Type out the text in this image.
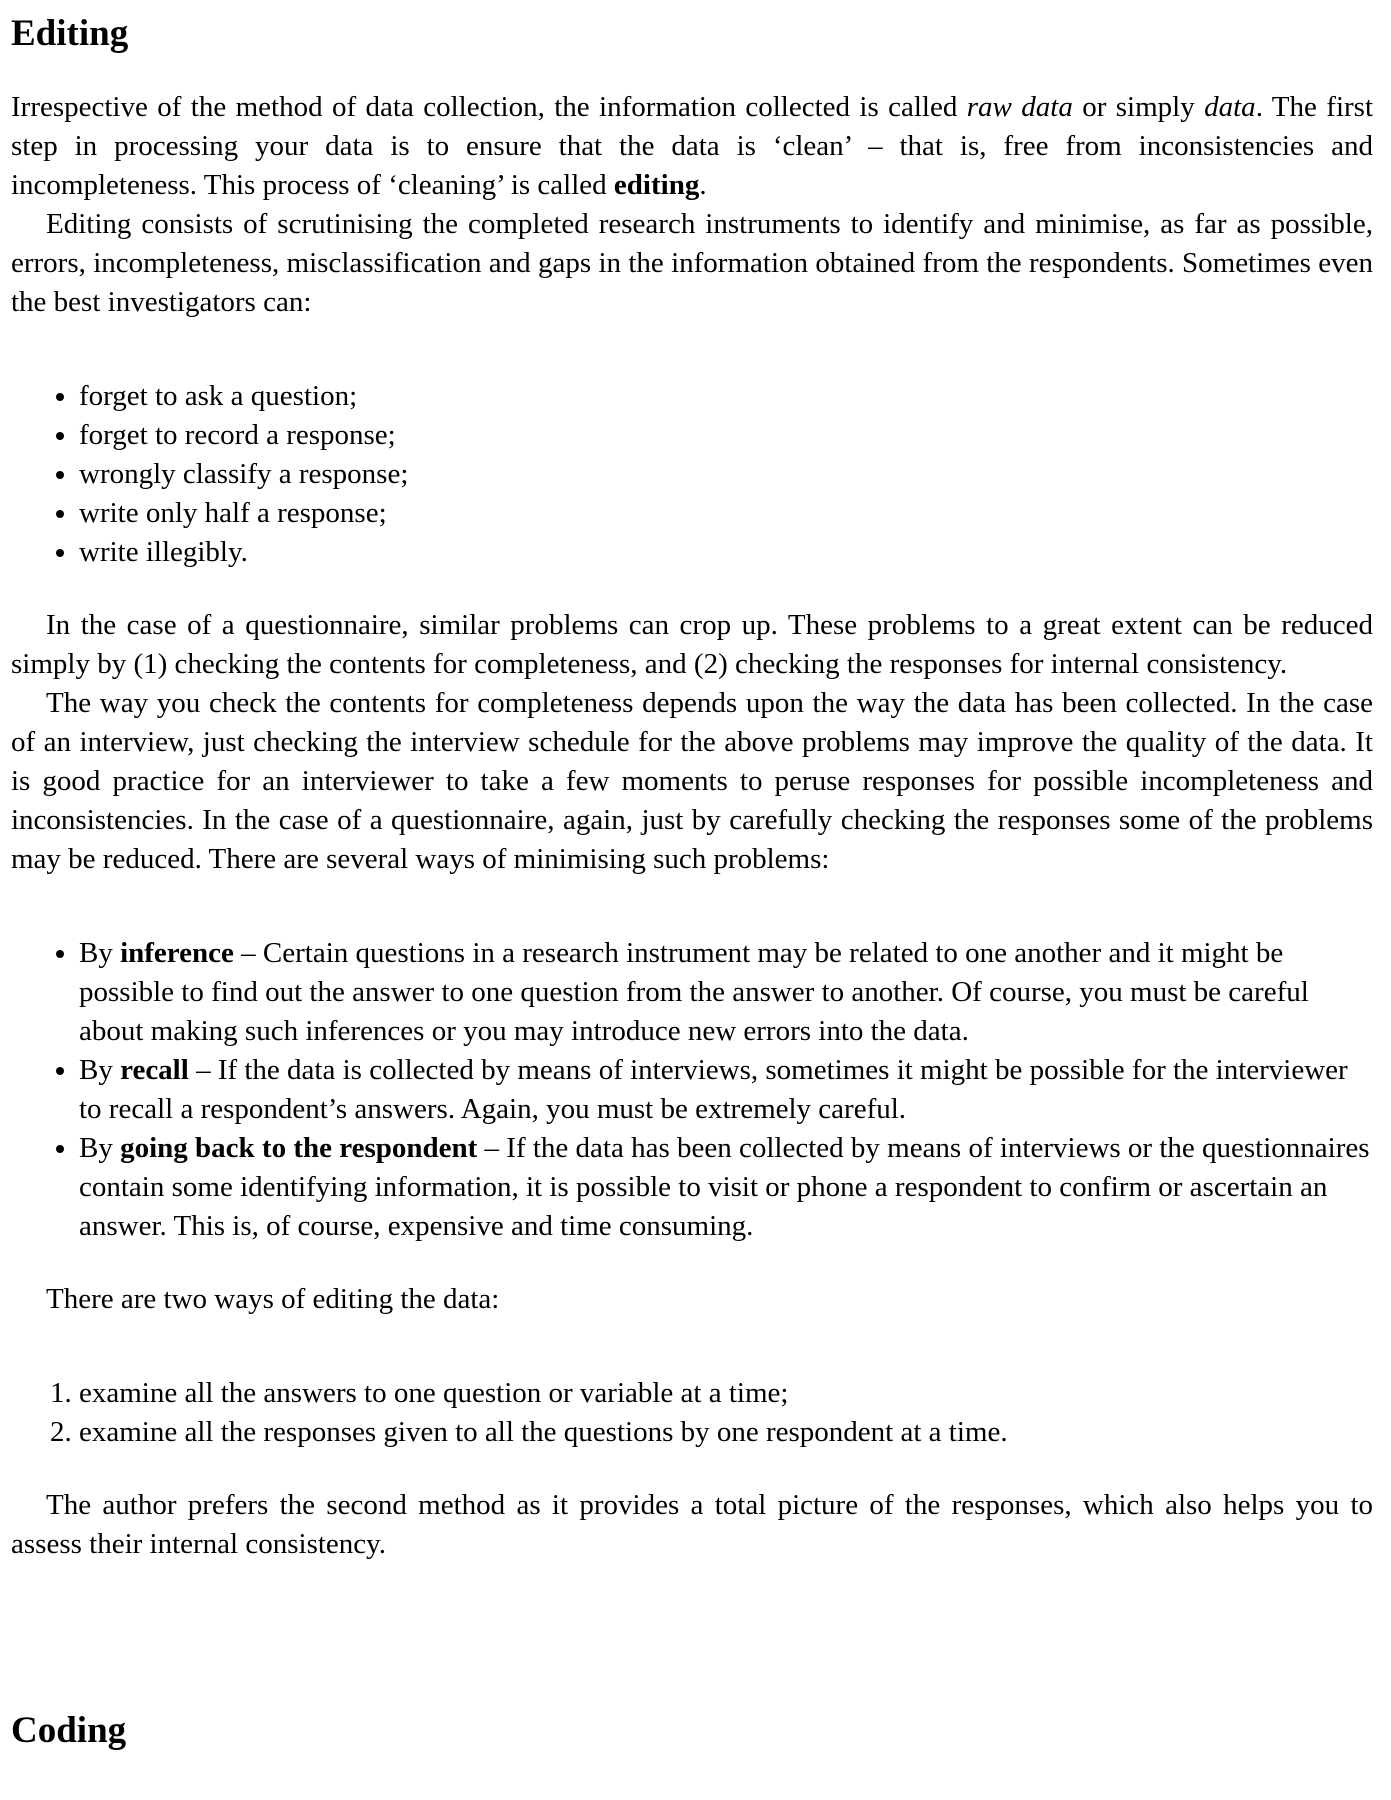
Editing

Irrespective of the method of data collection, the information collected is called raw data or simply data. The first step in processing your data is to ensure that the data is ‘clean’ – that is, free from inconsistencies and incompleteness. This process of ‘cleaning’ is called editing.

Editing consists of scrutinising the completed research instruments to identify and minimise, as far as possible, errors, incompleteness, misclassification and gaps in the information obtained from the respondents. Sometimes even the best investigators can:

• forget to ask a question;
• forget to record a response;
• wrongly classify a response;
• write only half a response;
• write illegibly.

In the case of a questionnaire, similar problems can crop up. These problems to a great extent can be reduced simply by (1) checking the contents for completeness, and (2) checking the responses for internal consistency.

The way you check the contents for completeness depends upon the way the data has been collected. In the case of an interview, just checking the interview schedule for the above problems may improve the quality of the data. It is good practice for an interviewer to take a few moments to peruse responses for possible incompleteness and inconsistencies. In the case of a questionnaire, again, just by carefully checking the responses some of the problems may be reduced. There are several ways of minimising such problems:

• By inference – Certain questions in a research instrument may be related to one another and it might be possible to find out the answer to one question from the answer to another. Of course, you must be careful about making such inferences or you may introduce new errors into the data.
• By recall – If the data is collected by means of interviews, sometimes it might be possible for the interviewer to recall a respondent’s answers. Again, you must be extremely careful.
• By going back to the respondent – If the data has been collected by means of interviews or the questionnaires contain some identifying information, it is possible to visit or phone a respondent to confirm or ascertain an answer. This is, of course, expensive and time consuming.

There are two ways of editing the data:

1. examine all the answers to one question or variable at a time;
2. examine all the responses given to all the questions by one respondent at a time.

The author prefers the second method as it provides a total picture of the responses, which also helps you to assess their internal consistency.

Coding
